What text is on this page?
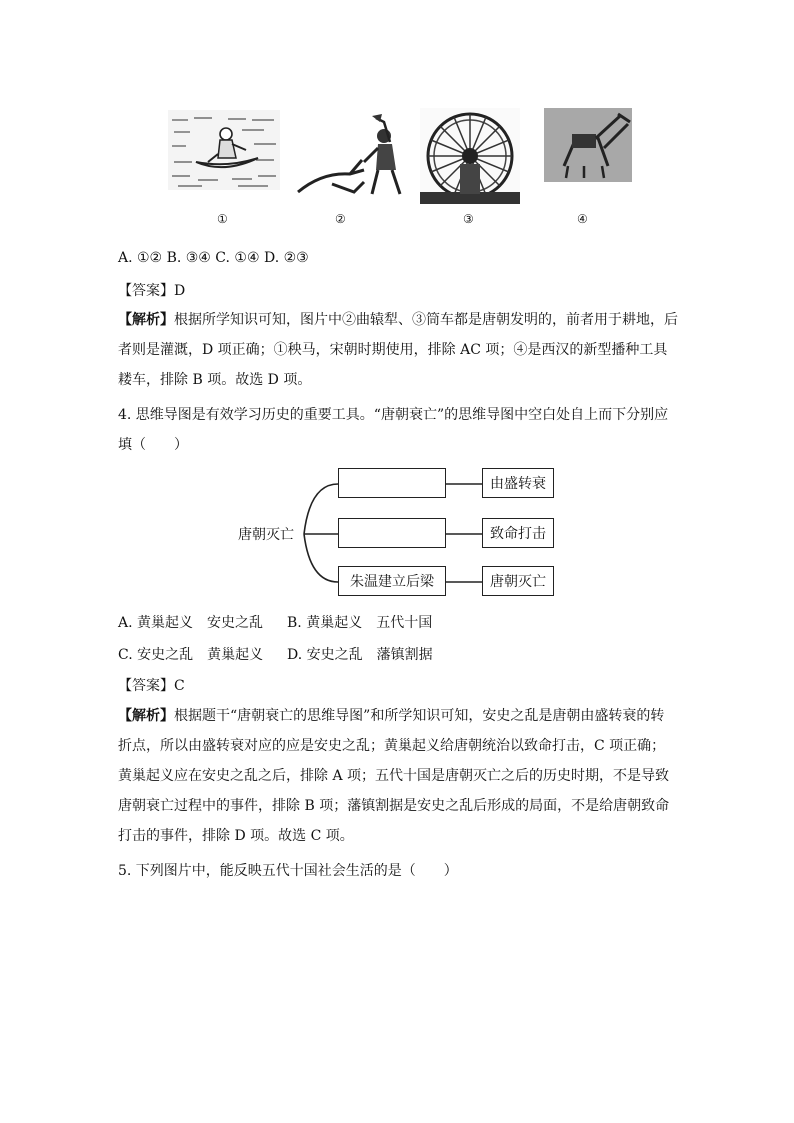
①	②	③	④
A. ①② B. ③④ C. ①④ D. ②③
【答案】D
【解析】根据所学知识可知，图片中②曲辕犁、③筒车都是唐朝发明的，前者用于耕地，后者则是灌溉，D 项正确；①秧马，宋朝时期使用，排除 AC 项；④是西汉的新型播种工具耧车，排除 B 项。故选 D 项。
4. 思维导图是有效学习历史的重要工具。“唐朝衰亡”的思维导图中空白处自上而下分别应填（　　）
唐朝灭亡
朱温建立后梁
由盛转衰
致命打击
唐朝灭亡
A. 黄巢起义　安史之乱 B. 黄巢起义　五代十国
C. 安史之乱　黄巢起义 D. 安史之乱　藩镇割据
【答案】C
【解析】根据题干“唐朝衰亡的思维导图”和所学知识可知，安史之乱是唐朝由盛转衰的转折点，所以由盛转衰对应的应是安史之乱；黄巢起义给唐朝统治以致命打击，C 项正确；黄巢起义应在安史之乱之后，排除 A 项；五代十国是唐朝灭亡之后的历史时期，不是导致唐朝衰亡过程中的事件，排除 B 项；藩镇割据是安史之乱后形成的局面，不是给唐朝致命打击的事件，排除 D 项。故选 C 项。
5. 下列图片中，能反映五代十国社会生活的是（　　）
